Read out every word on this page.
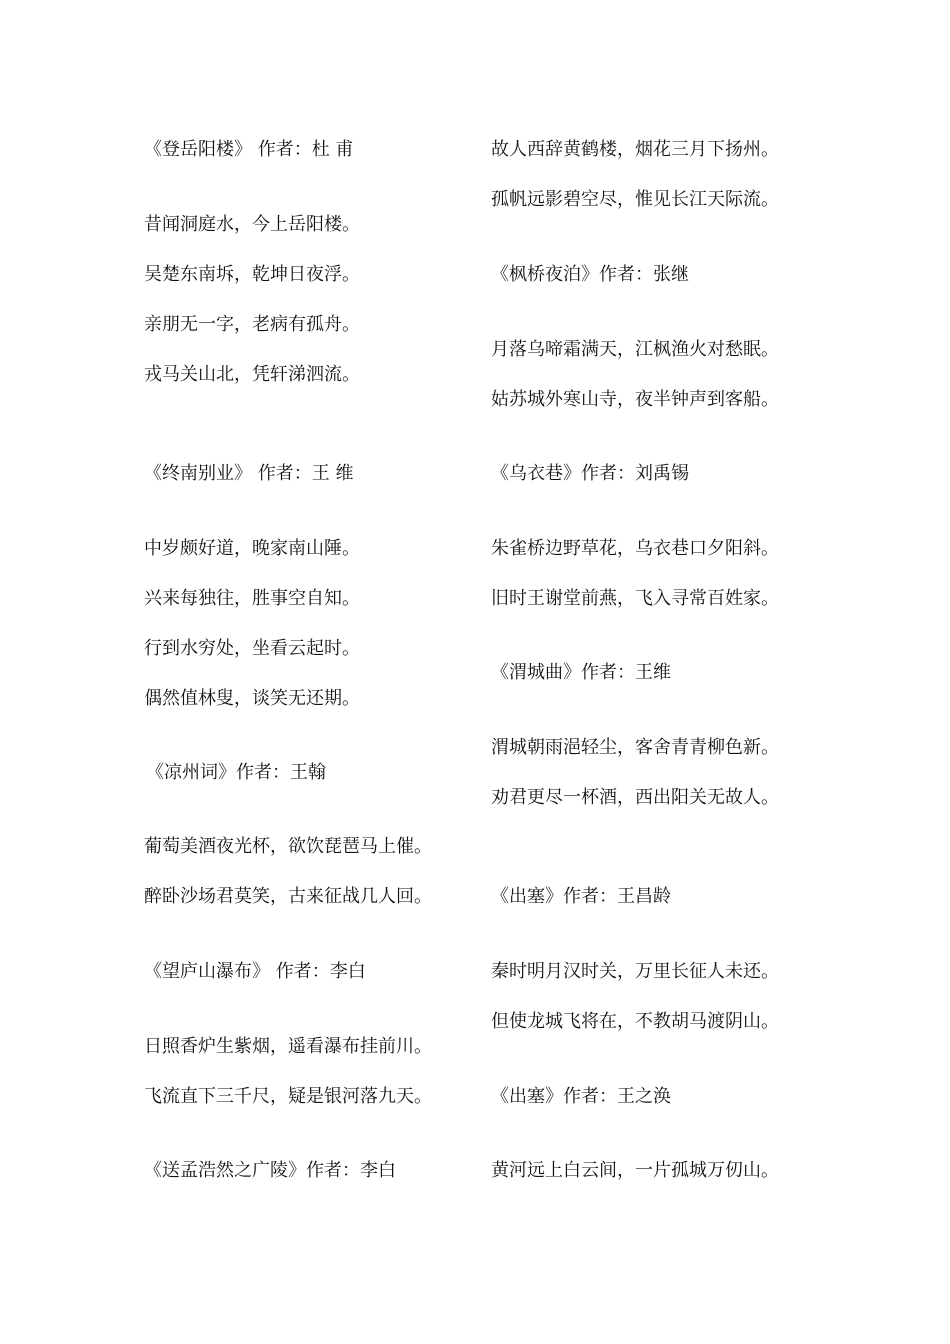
《登岳阳楼》 作者：杜 甫
昔闻洞庭水，今上岳阳楼。
吴楚东南坼，乾坤日夜浮。
亲朋无一字，老病有孤舟。
戎马关山北，凭轩涕泗流。
《终南别业》 作者：王 维
中岁颇好道，晚家南山陲。
兴来每独往，胜事空自知。
行到水穷处，坐看云起时。
偶然值林叟，谈笑无还期。
《凉州词》作者：王翰
葡萄美酒夜光杯，欲饮琵琶马上催。
醉卧沙场君莫笑，古来征战几人回。
《望庐山瀑布》 作者：李白
日照香炉生紫烟，遥看瀑布挂前川。
飞流直下三千尺，疑是银河落九天。
《送孟浩然之广陵》作者：李白
故人西辞黄鹤楼，烟花三月下扬州。
孤帆远影碧空尽，惟见长江天际流。
《枫桥夜泊》作者：张继
月落乌啼霜满天，江枫渔火对愁眠。
姑苏城外寒山寺，夜半钟声到客船。
《乌衣巷》作者：刘禹锡
朱雀桥边野草花，乌衣巷口夕阳斜。
旧时王谢堂前燕，飞入寻常百姓家。
《渭城曲》作者：王维
渭城朝雨浥轻尘，客舍青青柳色新。
劝君更尽一杯酒，西出阳关无故人。
《出塞》作者：王昌龄
秦时明月汉时关，万里长征人未还。
但使龙城飞将在，不教胡马渡阴山。
《出塞》作者：王之涣
黄河远上白云间，一片孤城万仞山。
